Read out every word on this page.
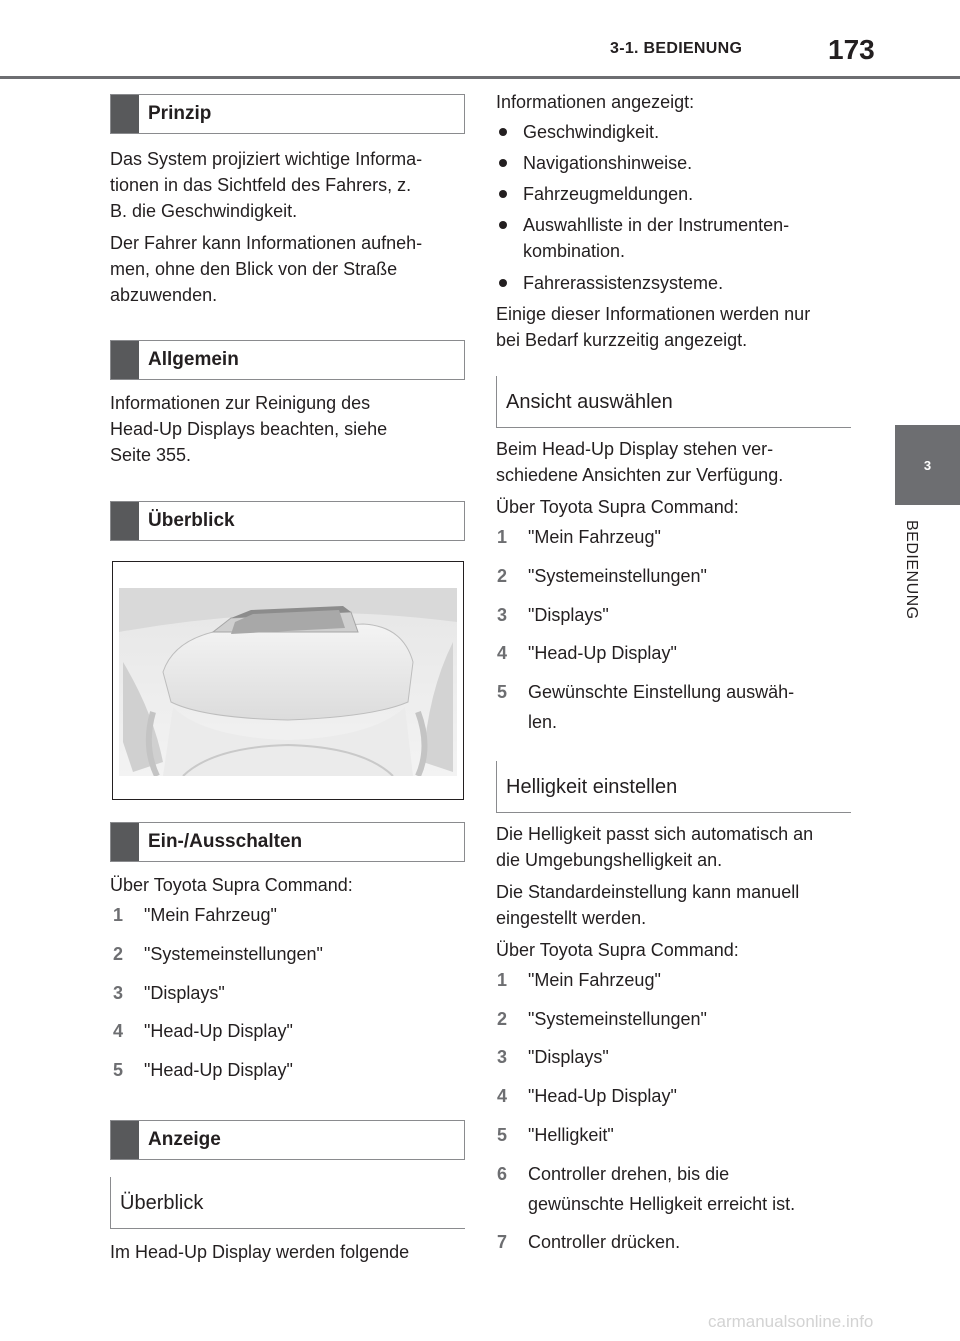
3-1. BEDIENUNG	173
3
BEDIENUNG
Prinzip
Das System projiziert wichtige Informa-
tionen in das Sichtfeld des Fahrers, z.
B. die Geschwindigkeit.
Der Fahrer kann Informationen aufneh-
men, ohne den Blick von der Straße
abzuwenden.
Allgemein
Informationen zur Reinigung des
Head-Up Displays beachten, siehe
Seite 355.
Überblick
Ein-/Ausschalten
Über Toyota Supra Command:
1 "Mein Fahrzeug"
2 "Systemeinstellungen"
3 "Displays"
4 "Head-Up Display"
5 "Head-Up Display"
Anzeige
Überblick
Im Head-Up Display werden folgende
Informationen angezeigt:
Geschwindigkeit.
Navigationshinweise.
Fahrzeugmeldungen.
Auswahlliste in der Instrumenten-
kombination.
Fahrerassistenzsysteme.
Einige dieser Informationen werden nur
bei Bedarf kurzzeitig angezeigt.
Ansicht auswählen
Beim Head-Up Display stehen ver-
schiedene Ansichten zur Verfügung.
Über Toyota Supra Command:
1 "Mein Fahrzeug"
2 "Systemeinstellungen"
3 "Displays"
4 "Head-Up Display"
5 Gewünschte Einstellung auswäh-
len.
Helligkeit einstellen
Die Helligkeit passt sich automatisch an
die Umgebungshelligkeit an.
Die Standardeinstellung kann manuell
eingestellt werden.
Über Toyota Supra Command:
1 "Mein Fahrzeug"
2 "Systemeinstellungen"
3 "Displays"
4 "Head-Up Display"
5 "Helligkeit"
6 Controller drehen, bis die
gewünschte Helligkeit erreicht ist.
7 Controller drücken.
carmanualsonline.info
